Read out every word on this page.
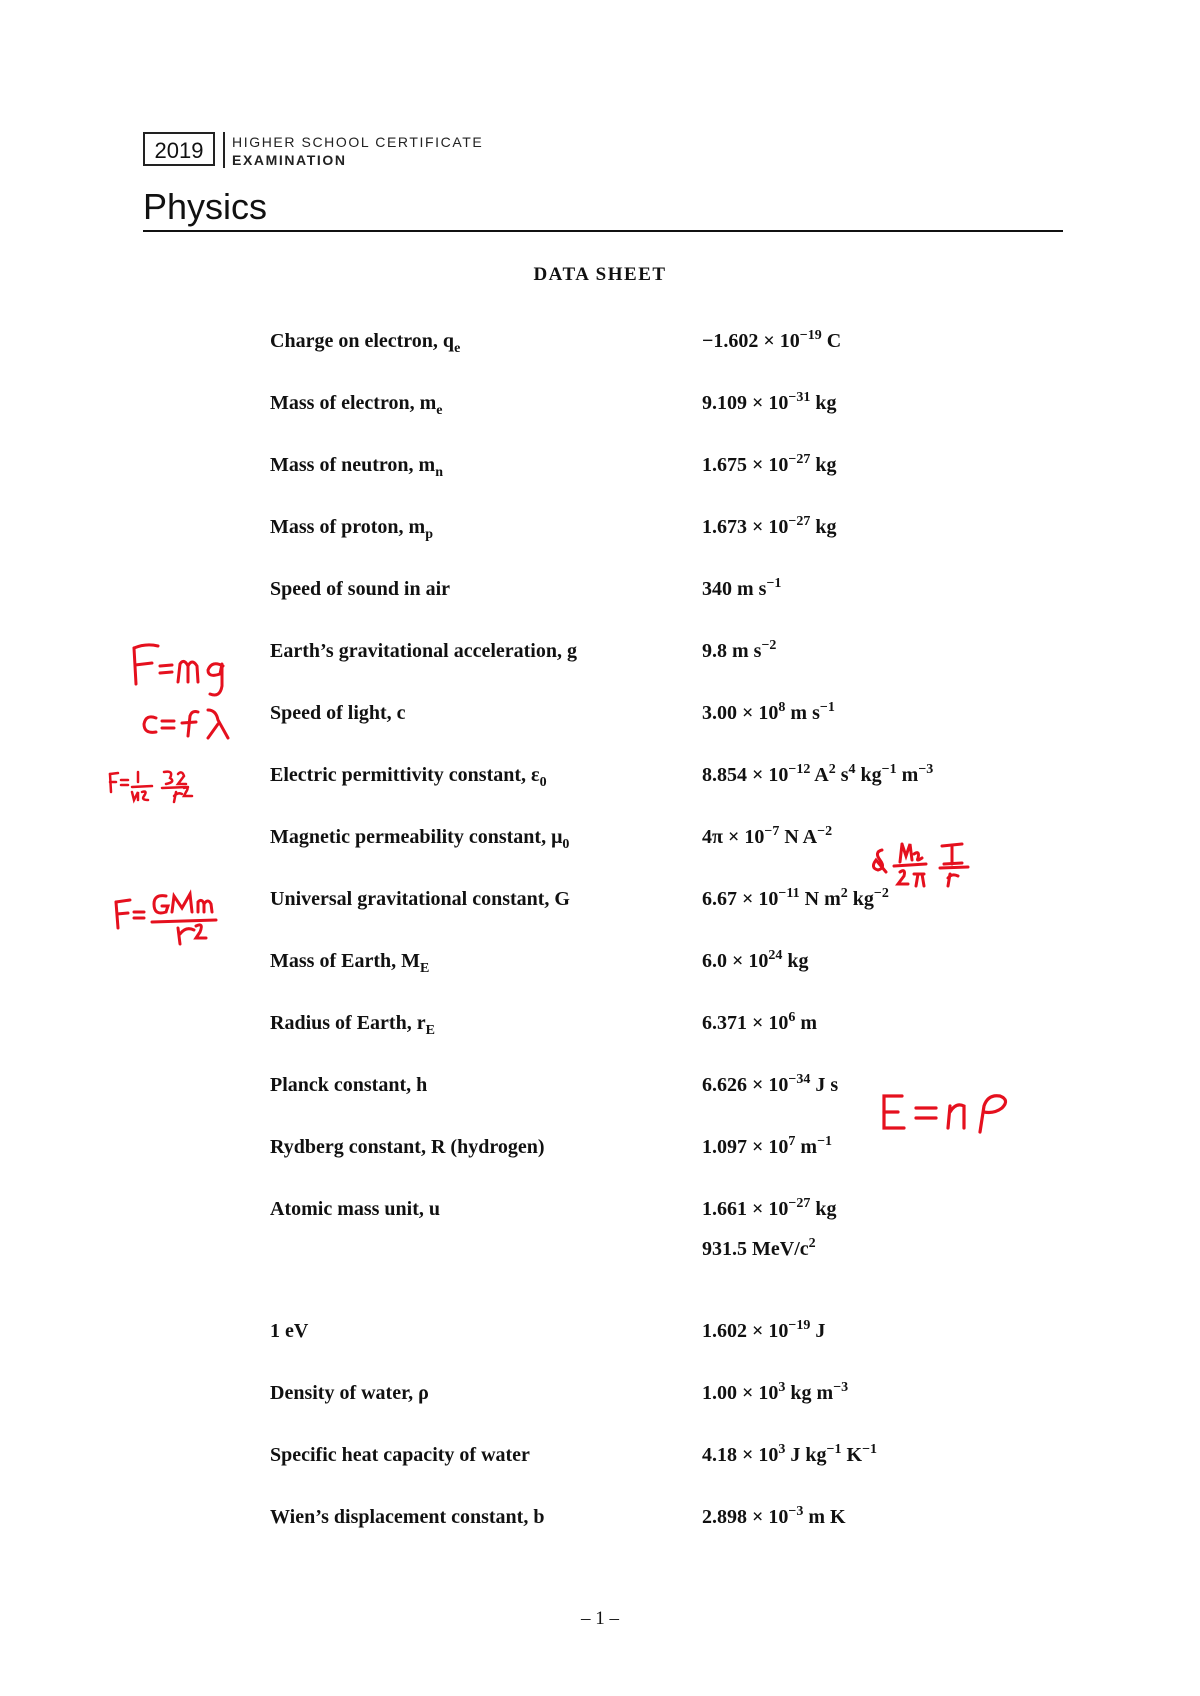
2019	HIGHER SCHOOL CERTIFICATE
EXAMINATION
Physics
DATA SHEET
Charge on electron, $q_e$	$-1.602 \times 10^{-19}$ C
Mass of electron, $m_e$	$9.109 \times 10^{-31}$ kg
Mass of neutron, $m_n$	$1.675 \times 10^{-27}$ kg
Mass of proton, $m_p$	$1.673 \times 10^{-27}$ kg
Speed of sound in air	340 m $s^{-1}$
Earth’s gravitational acceleration, g	9.8 m $s^{-2}$
Speed of light, c	$3.00 \times 10^8$ m $s^{-1}$
Electric permittivity constant, $\varepsilon_0$	$8.854 \times 10^{-12}$ $A^2$ $s^4$ $kg^{-1}$ $m^{-3}$
Magnetic permeability constant, $\mu_0$	$4\pi \times 10^{-7}$ N $A^{-2}$
Universal gravitational constant, G	$6.67 \times 10^{-11}$ N $m^2$ $kg^{-2}$
Mass of Earth, $M_E$	$6.0 \times 10^{24}$ kg
Radius of Earth, $r_E$	$6.371 \times 10^6$ m
Planck constant, h	$6.626 \times 10^{-34}$ J s
Rydberg constant, R (hydrogen)	$1.097 \times 10^7$ $m^{-1}$
Atomic mass unit, u	$1.661 \times 10^{-27}$ kg
931.5 MeV/$c^2$
1 eV	$1.602 \times 10^{-19}$ J
Density of water, ρ	$1.00 \times 10^3$ kg $m^{-3}$
Specific heat capacity of water	$4.18 \times 10^3$ J $kg^{-1}$ $K^{-1}$
Wien’s displacement constant, b	$2.898 \times 10^{-3}$ m K
– 1 –
